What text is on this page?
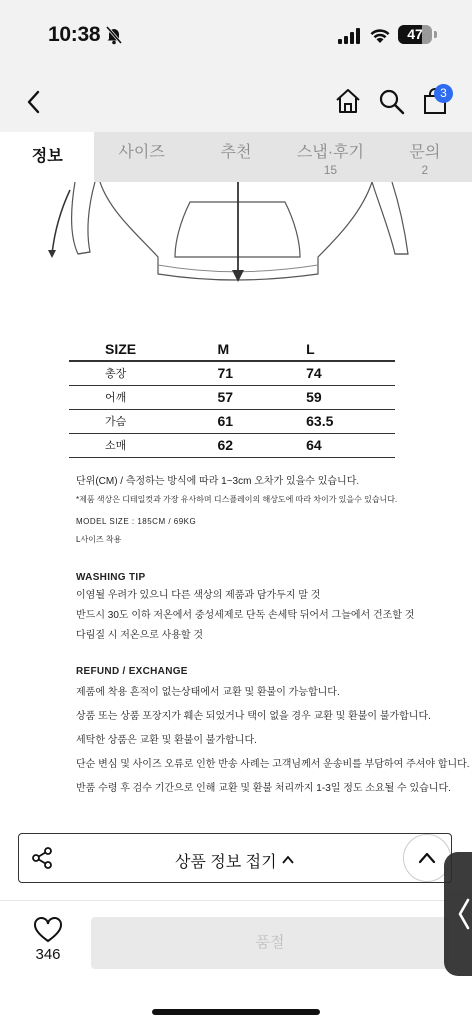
10:38	47
3
정보	사이즈	추천	스냅·후기
15
문의
2
SIZE	M	L
총장	71	74
어깨	57	59
가슴	61	63.5
소매	62	64

단위(CM) / 측정하는 방식에 따라 1~3cm 오차가 있을수 있습니다.

*제품 색상은 디테일컷과 가장 유사하며 디스플레이의 해상도에 따라 차이가 있을수 있습니다.

MODEL SIZE : 185CM / 69KG

L사이즈 착용

WASHING TIP

이염될 우려가 있으니 다른 색상의 제품과 담가두지 말 것

반드시 30도 이하 저온에서 중성세제로 단독 손세탁 뒤어서 그늘에서 건조할 것

다림질 시 저온으로 사용할 것

REFUND / EXCHANGE

제품에 착용 흔적이 없는상태에서 교환 및 환불이 가능합니다.

상품 또는 상품 포장지가 훼손 되었거나 택이 없을 경우 교환 및 환불이 불가합니다.

세탁한 상품은 교환 및 환불이 불가합니다.

단순 변심 및 사이즈 오류로 인한 반송 사례는 고객님께서 운송비를 부담하여 주셔야 합니다.

반품 수령 후 검수 기간으로 인해 교환 및 환불 처리까지 1-3일 정도 소요될 수 있습니다.

상품 정보 접기
346
품절
